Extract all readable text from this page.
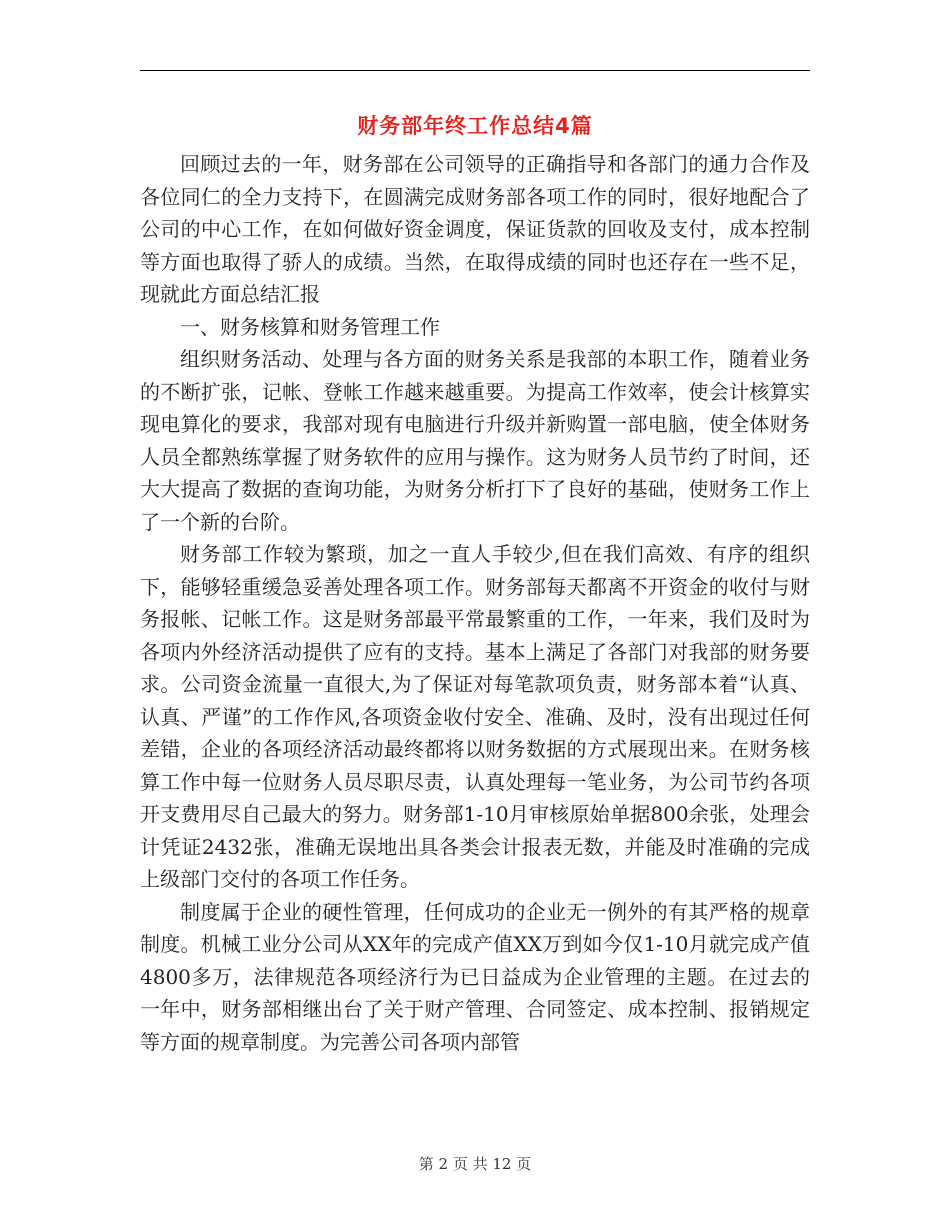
财务部年终工作总结4篇

回顾过去的一年，财务部在公司领导的正确指导和各部门的通力合作及各位同仁的全力支持下，在圆满完成财务部各项工作的同时，很好地配合了公司的中心工作，在如何做好资金调度，保证货款的回收及支付，成本控制等方面也取得了骄人的成绩。当然，在取得成绩的同时也还存在一些不足，现就此方面总结汇报

一、财务核算和财务管理工作

组织财务活动、处理与各方面的财务关系是我部的本职工作，随着业务的不断扩张，记帐、登帐工作越来越重要。为提高工作效率，使会计核算实现电算化的要求，我部对现有电脑进行升级并新购置一部电脑，使全体财务人员全都熟练掌握了财务软件的应用与操作。这为财务人员节约了时间，还大大提高了数据的查询功能，为财务分析打下了良好的基础，使财务工作上了一个新的台阶。

财务部工作较为繁琐，加之一直人手较少,但在我们高效、有序的组织下，能够轻重缓急妥善处理各项工作。财务部每天都离不开资金的收付与财务报帐、记帐工作。这是财务部最平常最繁重的工作，一年来，我们及时为各项内外经济活动提供了应有的支持。基本上满足了各部门对我部的财务要求。公司资金流量一直很大,为了保证对每笔款项负责，财务部本着“认真、认真、严谨”的工作作风,各项资金收付安全、准确、及时，没有出现过任何差错，企业的各项经济活动最终都将以财务数据的方式展现出来。在财务核算工作中每一位财务人员尽职尽责，认真处理每一笔业务，为公司节约各项开支费用尽自己最大的努力。财务部1-10月审核原始单据800余张，处理会计凭证2432张，准确无误地出具各类会计报表无数，并能及时准确的完成上级部门交付的各项工作任务。

制度属于企业的硬性管理，任何成功的企业无一例外的有其严格的规章制度。机械工业分公司从XX年的完成产值XX万到如今仅1-10月就完成产值4800多万，法律规范各项经济行为已日益成为企业管理的主题。在过去的一年中，财务部相继出台了关于财产管理、合同签定、成本控制、报销规定等方面的规章制度。为完善公司各项内部管

第 2 页 共 12 页
